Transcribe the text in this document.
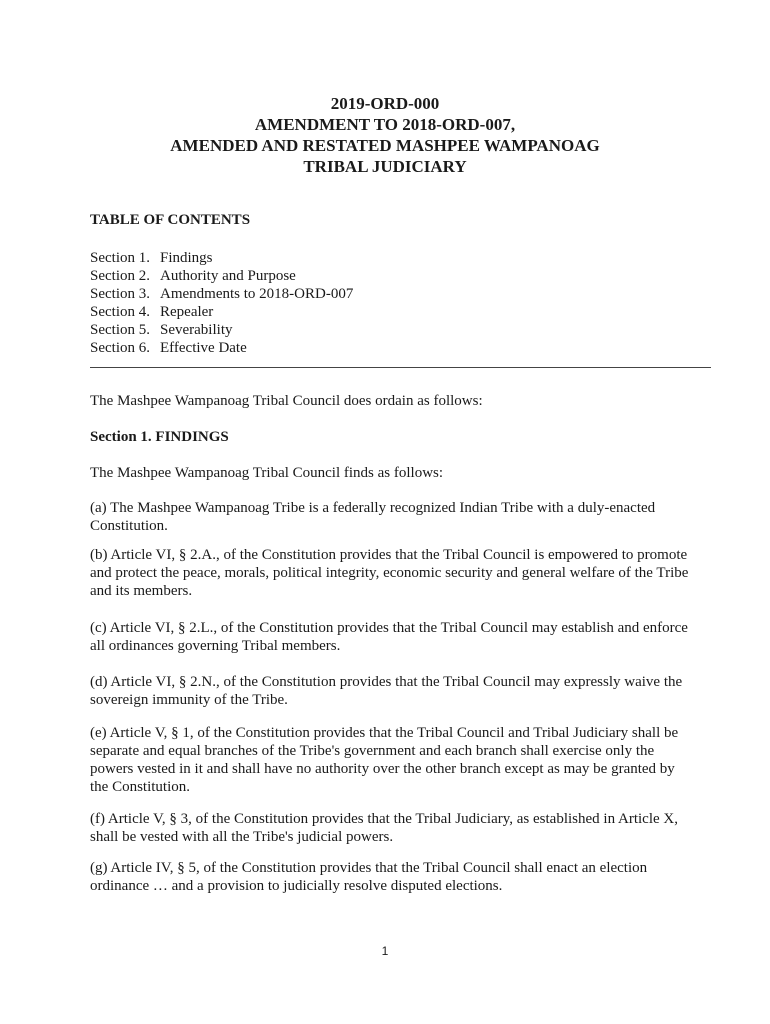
2019-ORD-000
AMENDMENT TO 2018-ORD-007,
AMENDED AND RESTATED MASHPEE WAMPANOAG
TRIBAL JUDICIARY
TABLE OF CONTENTS
Section 1. Findings
Section 2. Authority and Purpose
Section 3. Amendments to 2018-ORD-007
Section 4. Repealer
Section 5. Severability
Section 6. Effective Date

The Mashpee Wampanoag Tribal Council does ordain as follows:

Section 1. FINDINGS

The Mashpee Wampanoag Tribal Council finds as follows:

(a) The Mashpee Wampanoag Tribe is a federally recognized Indian Tribe with a duly-enacted Constitution.

(b) Article VI, § 2.A., of the Constitution provides that the Tribal Council is empowered to promote and protect the peace, morals, political integrity, economic security and general welfare of the Tribe and its members.

(c) Article VI, § 2.L., of the Constitution provides that the Tribal Council may establish and enforce all ordinances governing Tribal members.

(d) Article VI, § 2.N., of the Constitution provides that the Tribal Council may expressly waive the sovereign immunity of the Tribe.

(e) Article V, § 1, of the Constitution provides that the Tribal Council and Tribal Judiciary shall be separate and equal branches of the Tribe's government and each branch shall exercise only the powers vested in it and shall have no authority over the other branch except as may be granted by the Constitution.

(f) Article V, § 3, of the Constitution provides that the Tribal Judiciary, as established in Article X, shall be vested with all the Tribe's judicial powers.

(g) Article IV, § 5, of the Constitution provides that the Tribal Council shall enact an election ordinance … and a provision to judicially resolve disputed elections.

1
